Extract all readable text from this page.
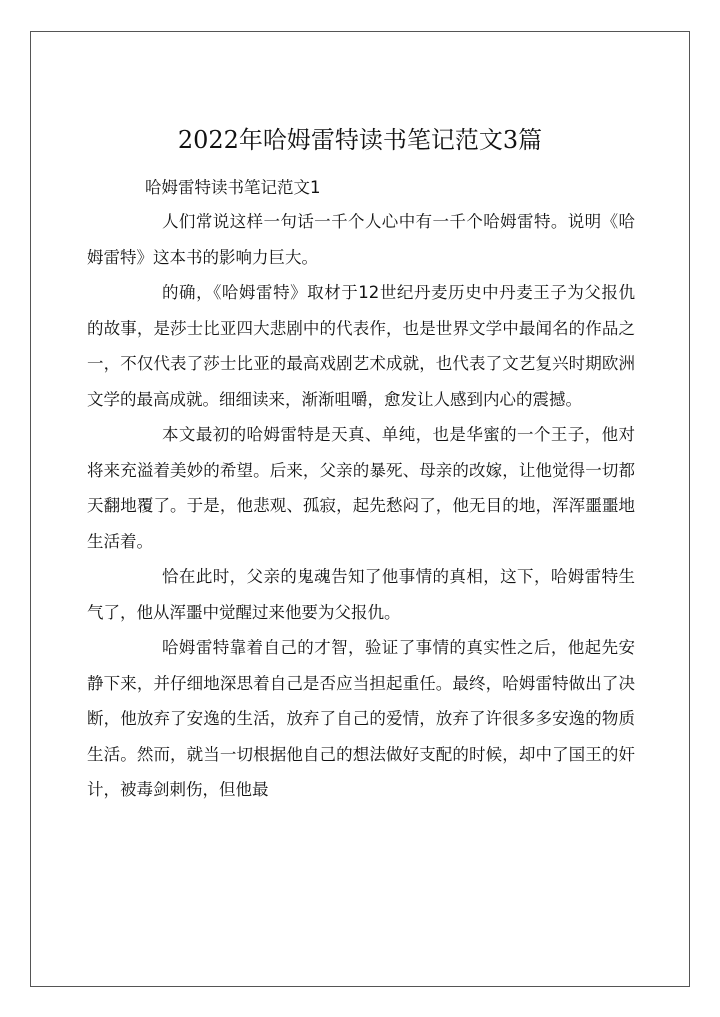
2022年哈姆雷特读书笔记范文3篇
哈姆雷特读书笔记范文1

人们常说这样一句话一千个人心中有一千个哈姆雷特。说明《哈姆雷特》这本书的影响力巨大。

的确，《哈姆雷特》取材于12世纪丹麦历史中丹麦王子为父报仇的故事，是莎士比亚四大悲剧中的代表作，也是世界文学中最闻名的作品之一，不仅代表了莎士比亚的最高戏剧艺术成就，也代表了文艺复兴时期欧洲文学的最高成就。细细读来，渐渐咀嚼，愈发让人感到内心的震撼。

本文最初的哈姆雷特是天真、单纯，也是华蜜的一个王子，他对将来充溢着美妙的希望。后来，父亲的暴死、母亲的改嫁，让他觉得一切都天翻地覆了。于是，他悲观、孤寂，起先愁闷了，他无目的地，浑浑噩噩地生活着。

恰在此时，父亲的鬼魂告知了他事情的真相，这下，哈姆雷特生气了，他从浑噩中觉醒过来他要为父报仇。

哈姆雷特靠着自己的才智，验证了事情的真实性之后，他起先安静下来，并仔细地深思着自己是否应当担起重任。最终，哈姆雷特做出了决断，他放弃了安逸的生活，放弃了自己的爱情，放弃了许很多多安逸的物质生活。然而，就当一切根据他自己的想法做好支配的时候，却中了国王的奸计，被毒剑刺伤，但他最
